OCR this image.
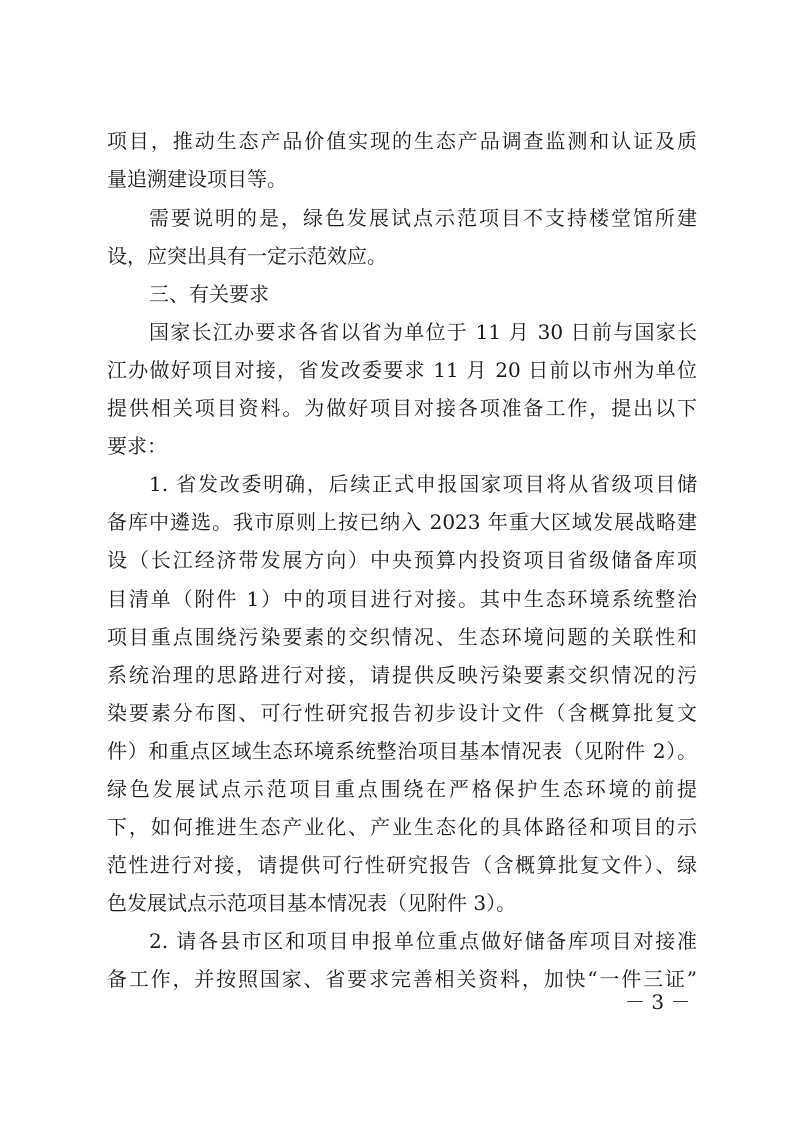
项目，推动生态产品价值实现的生态产品调查监测和认证及质
量追溯建设项目等。
需要说明的是，绿色发展试点示范项目不支持楼堂馆所建
设，应突出具有一定示范效应。
三、有关要求
国家长江办要求各省以省为单位于 11 月 30 日前与国家长
江办做好项目对接，省发改委要求 11 月 20 日前以市州为单位
提供相关项目资料。为做好项目对接各项准备工作，提出以下
要求：
1. 省发改委明确，后续正式申报国家项目将从省级项目储
备库中遴选。我市原则上按已纳入 2023 年重大区域发展战略建
设（长江经济带发展方向）中央预算内投资项目省级储备库项
目清单（附件 1）中的项目进行对接。其中生态环境系统整治
项目重点围绕污染要素的交织情况、生态环境问题的关联性和
系统治理的思路进行对接，请提供反映污染要素交织情况的污
染要素分布图、可行性研究报告初步设计文件（含概算批复文
件）和重点区域生态环境系统整治项目基本情况表（见附件 2）。
绿色发展试点示范项目重点围绕在严格保护生态环境的前提
下，如何推进生态产业化、产业生态化的具体路径和项目的示
范性进行对接，请提供可行性研究报告（含概算批复文件）、绿
色发展试点示范项目基本情况表（见附件 3）。
2. 请各县市区和项目申报单位重点做好储备库项目对接准
备工作，并按照国家、省要求完善相关资料，加快“一件三证”
－ 3 －
